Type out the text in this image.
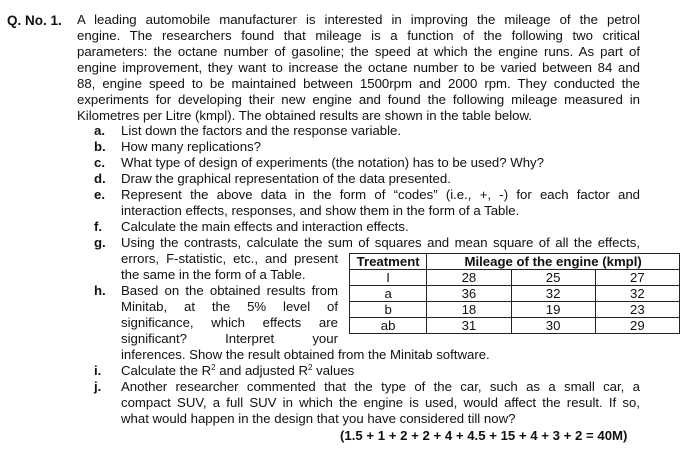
Q. No. 1. A leading automobile manufacturer is interested in improving the mileage of the petrol
engine. The researchers found that mileage is a function of the following two critical
parameters: the octane number of gasoline; the speed at which the engine runs. As part of
engine improvement, they want to increase the octane number to be varied between 84 and
88, engine speed to be maintained between 1500rpm and 2000 rpm. They conducted the
experiments for developing their new engine and found the following mileage measured in
Kilometres per Litre (kmpl). The obtained results are shown in the table below.
a.	List down the factors and the response variable.
b.	How many replications?
c.	What type of design of experiments (the notation) has to be used? Why?
d.	Draw the graphical representation of the data presented.
e.	Represent the above data in the form of “codes” (i.e., +, -) for each factor and
interaction effects, responses, and show them in the form of a Table.
f.	Calculate the main effects and interaction effects.
g.	Using the contrasts, calculate the sum of squares and mean square of all the effects,
errors, F-statistic, etc., and present
the same in the form of a Table.
h.	Based on the obtained results from
Minitab, at the 5% level of
significance, which effects are
significant? Interpret your
inferences. Show the result obtained from the Minitab software.
i.	Calculate the $R^2$ and adjusted $R^2$ values
j.	Another researcher commented that the type of the car, such as a small car, a
compact SUV, a full SUV in which the engine is used, would affect the result. If so,
what would happen in the design that you have considered till now?
Treatment	Mileage of the engine (kmpl)		
I	28	25	27
a	36	32	32
b	18	19	23
ab	31	30	29
(1.5 + 1 + 2 + 2 + 4 + 4.5 + 15 + 4 + 3 + 2 = 40M)
